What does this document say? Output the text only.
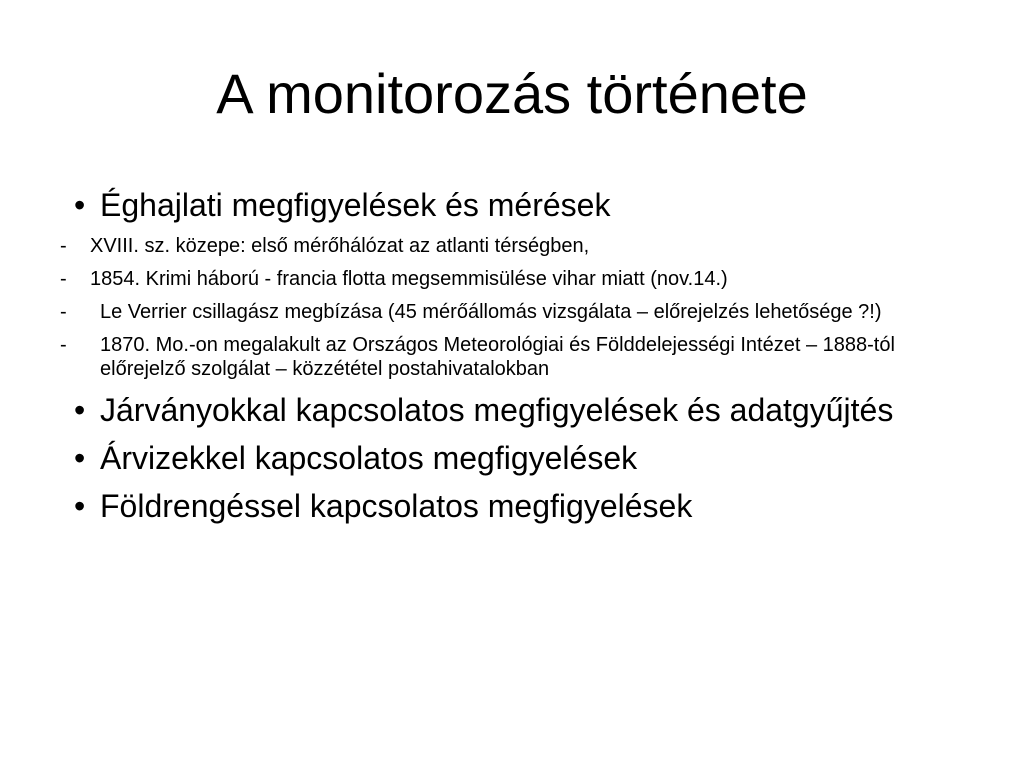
A monitorozás története
• Éghajlati megfigyelések és mérések
- XVIII. sz. közepe: első mérőhálózat az atlanti térségben,
- 1854. Krimi háború - francia flotta megsemmisülése vihar miatt (nov.14.)
- Le Verrier csillagász megbízása (45 mérőállomás vizsgálata – előrejelzés lehetősége ?!)
- 1870. Mo.-on megalakult az Országos Meteorológiai és Földdelejességi Intézet – 1888-tól előrejelző szolgálat – közzététel postahivatalokban
• Járványokkal kapcsolatos megfigyelések és adatgyűjtés
• Árvizekkel kapcsolatos megfigyelések
• Földrengéssel kapcsolatos megfigyelések
